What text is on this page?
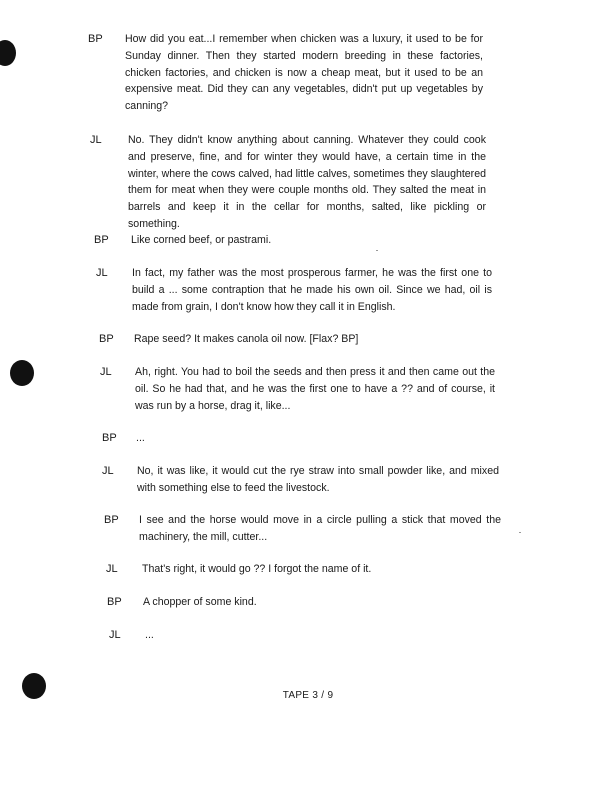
BP How did you eat...I remember when chicken was a luxury, it used to be for Sunday dinner. Then they started modern breeding in these factories, chicken factories, and chicken is now a cheap meat, but it used to be an expensive meat. Did they can any vegetables, didn't put up vegetables by canning?

JL No. They didn't know anything about canning. Whatever they could cook and preserve, fine, and for winter they would have, a certain time in the winter, where the cows calved, had little calves, sometimes they slaughtered them for meat when they were couple months old. They salted the meat in barrels and keep it in the cellar for months, salted, like pickling or something.

BP Like corned beef, or pastrami.

JL In fact, my father was the most prosperous farmer, he was the first one to build a ... some contraption that he made his own oil. Since we had, oil is made from grain, I don't know how they call it in English.

BP Rape seed? It makes canola oil now. [Flax? BP]

JL Ah, right. You had to boil the seeds and then press it and then came out the oil. So he had that, and he was the first one to have a ?? and of course, it was run by a horse, drag it, like...

BP ...

JL No, it was like, it would cut the rye straw into small powder like, and mixed with something else to feed the livestock.

BP I see and the horse would move in a circle pulling a stick that moved the machinery, the mill, cutter...

JL That's right, it would go ?? I forgot the name of it.

BP A chopper of some kind.

JL ...

TAPE 3 / 9
